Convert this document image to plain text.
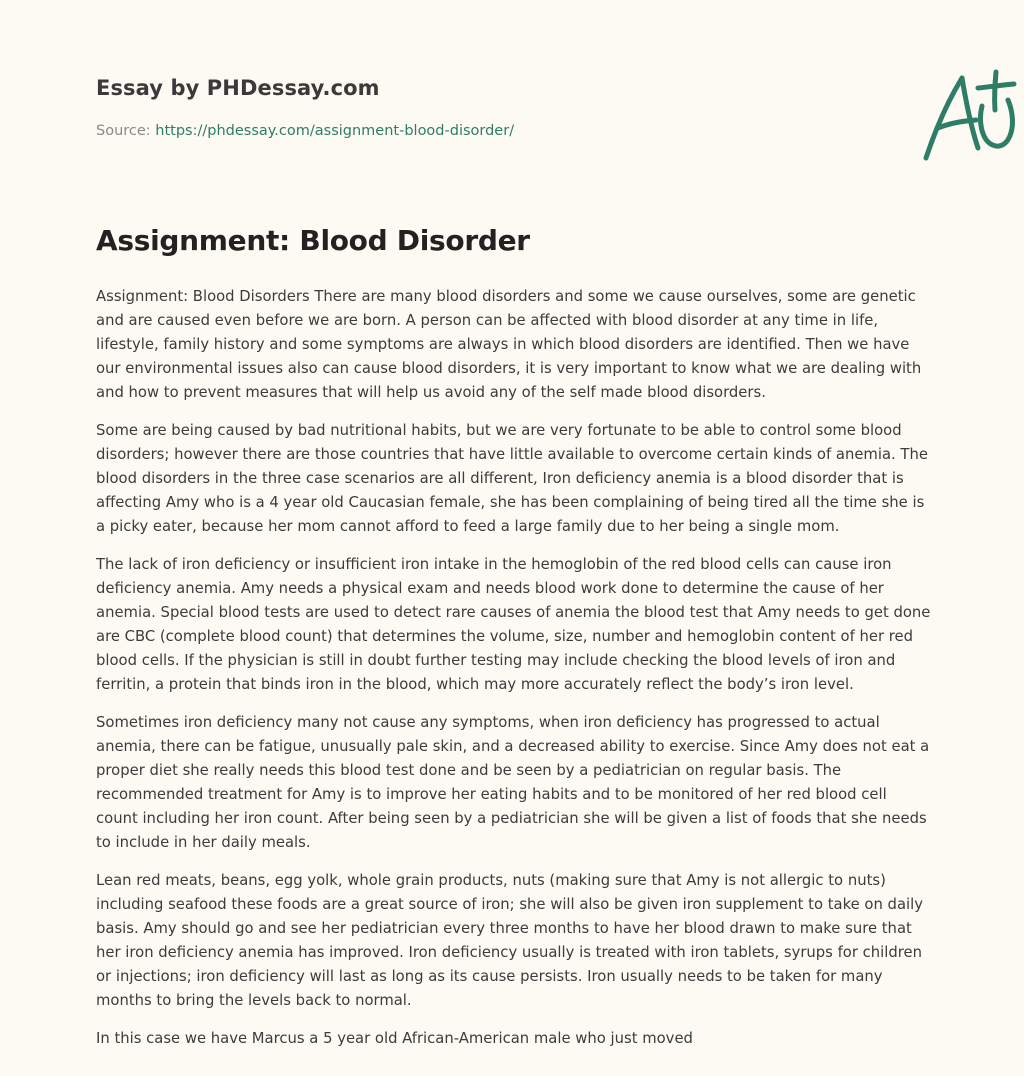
Essay by PHDessay.com
Source: https://phdessay.com/assignment-blood-disorder/
Assignment: Blood Disorder

Assignment: Blood Disorders There are many blood disorders and some we cause ourselves, some are genetic and are caused even before we are born. A person can be affected with blood disorder at any time in life, lifestyle, family history and some symptoms are always in which blood disorders are identified. Then we have our environmental issues also can cause blood disorders, it is very important to know what we are dealing with and how to prevent measures that will help us avoid any of the self made blood disorders.

Some are being caused by bad nutritional habits, but we are very fortunate to be able to control some blood disorders; however there are those countries that have little available to overcome certain kinds of anemia. The blood disorders in the three case scenarios are all different, Iron deficiency anemia is a blood disorder that is affecting Amy who is a 4 year old Caucasian female, she has been complaining of being tired all the time she is a picky eater, because her mom cannot afford to feed a large family due to her being a single mom.

The lack of iron deficiency or insufficient iron intake in the hemoglobin of the red blood cells can cause iron deficiency anemia. Amy needs a physical exam and needs blood work done to determine the cause of her anemia. Special blood tests are used to detect rare causes of anemia the blood test that Amy needs to get done are CBC (complete blood count) that determines the volume, size, number and hemoglobin content of her red blood cells. If the physician is still in doubt further testing may include checking the blood levels of iron and ferritin, a protein that binds iron in the blood, which may more accurately reflect the body’s iron level.

Sometimes iron deficiency many not cause any symptoms, when iron deficiency has progressed to actual anemia, there can be fatigue, unusually pale skin, and a decreased ability to exercise. Since Amy does not eat a proper diet she really needs this blood test done and be seen by a pediatrician on regular basis. The recommended treatment for Amy is to improve her eating habits and to be monitored of her red blood cell count including her iron count. After being seen by a pediatrician she will be given a list of foods that she needs to include in her daily meals.

Lean red meats, beans, egg yolk, whole grain products, nuts (making sure that Amy is not allergic to nuts) including seafood these foods are a great source of iron; she will also be given iron supplement to take on daily basis. Amy should go and see her pediatrician every three months to have her blood drawn to make sure that her iron deficiency anemia has improved. Iron deficiency usually is treated with iron tablets, syrups for children or injections; iron deficiency will last as long as its cause persists. Iron usually needs to be taken for many months to bring the levels back to normal.

In this case we have Marcus a 5 year old African-American male who just moved
